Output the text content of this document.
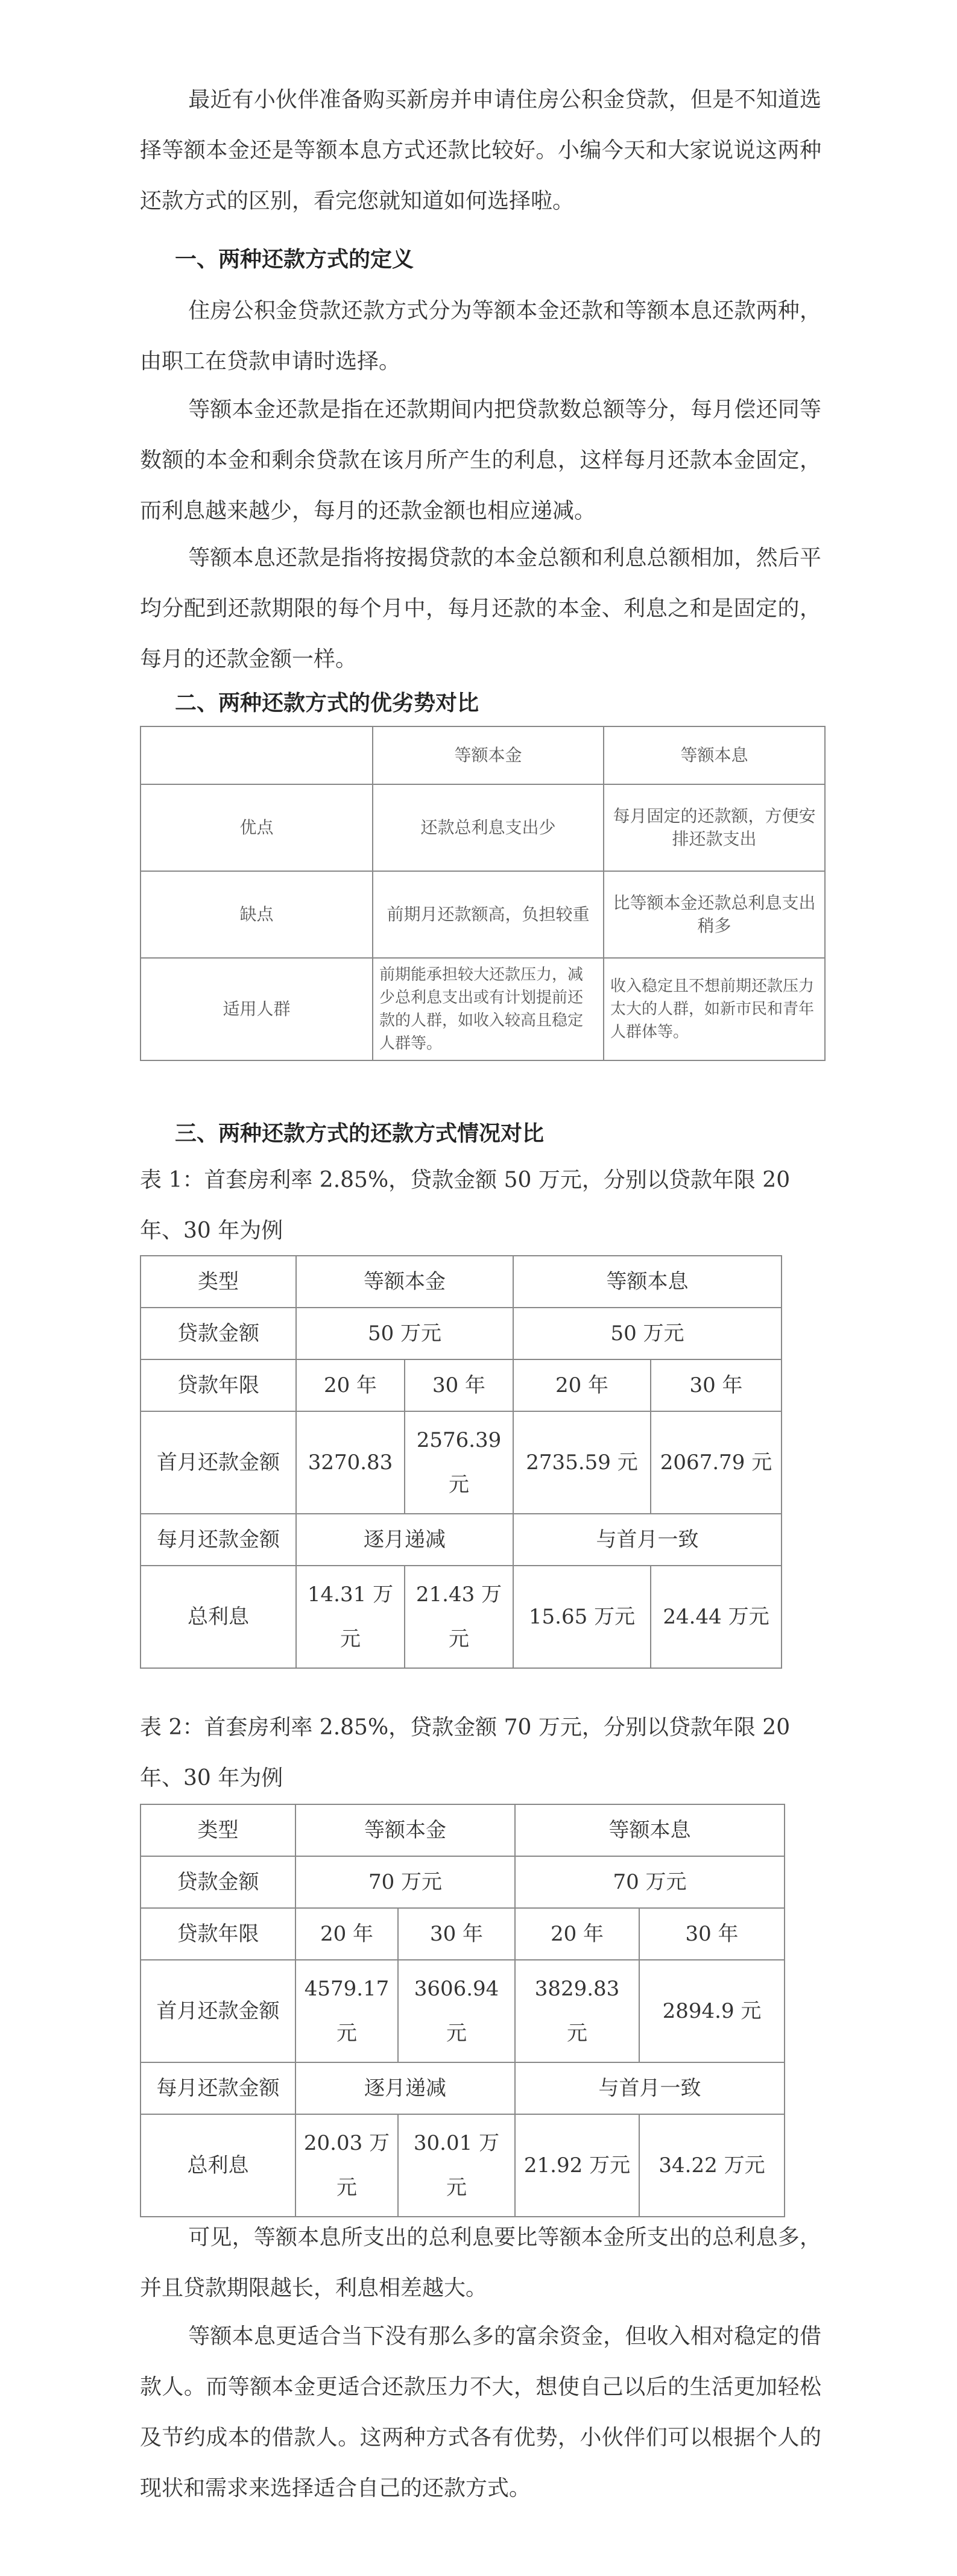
最近有小伙伴准备购买新房并申请住房公积金贷款，但是不知道选择等额本金还是等额本息方式还款比较好。小编今天和大家说说这两种还款方式的区别，看完您就知道如何选择啦。

一、两种还款方式的定义

住房公积金贷款还款方式分为等额本金还款和等额本息还款两种，由职工在贷款申请时选择。

等额本金还款是指在还款期间内把贷款数总额等分，每月偿还同等数额的本金和剩余贷款在该月所产生的利息，这样每月还款本金固定，而利息越来越少，每月的还款金额也相应递减。

等额本息还款是指将按揭贷款的本金总额和利息总额相加，然后平均分配到还款期限的每个月中，每月还款的本金、利息之和是固定的，每月的还款金额一样。

二、两种还款方式的优劣势对比
	等额本金	等额本息
优点	还款总利息支出少	每月固定的还款额，方便安排还款支出
缺点	前期月还款额高，负担较重	比等额本金还款总利息支出稍多
适用人群	前期能承担较大还款压力，减少总利息支出或有计划提前还款的人群，如收入较高且稳定人群等。	收入稳定且不想前期还款压力太大的人群，如新市民和青年人群体等。
三、两种还款方式的还款方式情况对比

表 1：首套房利率 2.85%，贷款金额 50 万元，分别以贷款年限 20 年、30 年为例

类型	等额本金		等额本息	
贷款金额	50 万元		50 万元	
贷款年限	20 年	30 年	20 年	30 年
首月还款金额	3270.83	2576.39 元	2735.59 元	2067.79 元
每月还款金额	逐月递减		与首月一致	
总利息	14.31 万元	21.43 万元	15.65 万元	24.44 万元

表 2：首套房利率 2.85%，贷款金额 70 万元，分别以贷款年限 20 年、30 年为例

类型	等额本金		等额本息	
贷款金额	70 万元		70 万元	
贷款年限	20 年	30 年	20 年	30 年
首月还款金额	4579.17 元	3606.94 元	3829.83 元	2894.9 元
每月还款金额	逐月递减		与首月一致	
总利息	20.03 万元	30.01 万元	21.92 万元	34.22 万元

可见，等额本息所支出的总利息要比等额本金所支出的总利息多，并且贷款期限越长，利息相差越大。

等额本息更适合当下没有那么多的富余资金，但收入相对稳定的借款人。而等额本金更适合还款压力不大，想使自己以后的生活更加轻松及节约成本的借款人。这两种方式各有优势，小伙伴们可以根据个人的现状和需求来选择适合自己的还款方式。
